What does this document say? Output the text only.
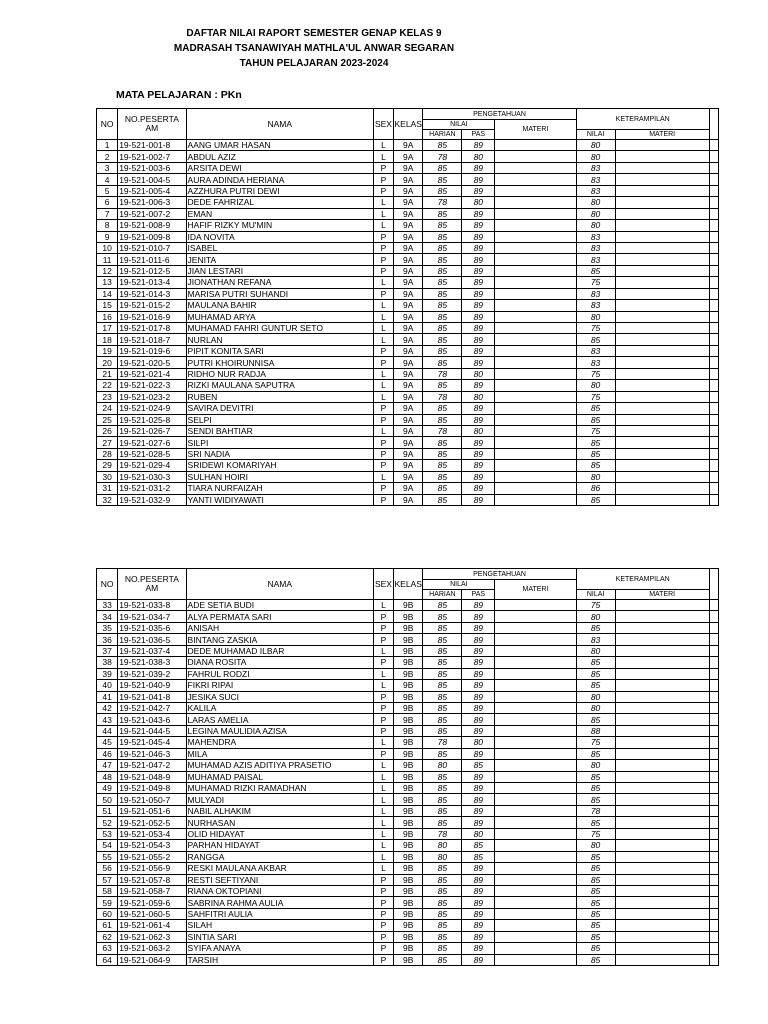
DAFTAR NILAI RAPORT SEMESTER GENAP KELAS 9
MADRASAH TSANAWIYAH MATHLA'UL ANWAR SEGARAN
TAHUN PELAJARAN 2023-2024
MATA PELAJARAN : PKn
NO	NO.PESERTA AM	NAMA	SEX	KELAS	PENGETAHUAN			KETERAMPILAN			
					NILAI		MATERI				
					HARIAN	PAS		NILAI	MATERI		
1	19-521-001-8	AANG UMAR HASAN	L	9A	85	89		80			
2	19-521-002-7	ABDUL AZIZ	L	9A	78	80		80			
3	19-521-003-6	ARSITA DEWI	P	9A	85	89		83			
4	19-521-004-5	AURA ADINDA HERIANA	P	9A	85	89		83			
5	19-521-005-4	AZZHURA PUTRI DEWI	P	9A	85	89		83			
6	19-521-006-3	DEDE FAHRIZAL	L	9A	78	80		80			
7	19-521-007-2	EMAN	L	9A	85	89		80			
8	19-521-008-9	HAFIF RIZKY MU'MIN	L	9A	85	89		80			
9	19-521-009-8	IDA NOVITA	P	9A	85	89		83			
10	19-521-010-7	ISABEL	P	9A	85	89		83			
11	19-521-011-6	JENITA	P	9A	85	89		83			
12	19-521-012-5	JIAN LESTARI	P	9A	85	89		85			
13	19-521-013-4	JIONATHAN REFANA	L	9A	85	89		75			
14	19-521-014-3	MARISA PUTRI SUHANDI	P	9A	85	89		83			
15	19-521-015-2	MAULANA BAHIR	L	9A	85	89		83			
16	19-521-016-9	MUHAMAD ARYA	L	9A	85	89		80			
17	19-521-017-8	MUHAMAD FAHRI GUNTUR SETO	L	9A	85	89		75			
18	19-521-018-7	NURLAN	L	9A	85	89		85			
19	19-521-019-6	PIPIT KONITA SARI	P	9A	85	89		83			
20	19-521-020-5	PUTRI KHOIRUNNISA	P	9A	85	89		83			
21	19-521-021-4	RIDHO NUR RADJA	L	9A	78	80		75			
22	19-521-022-3	RIZKI MAULANA SAPUTRA	L	9A	85	89		80			
23	19-521-023-2	RUBEN	L	9A	78	80		75			
24	19-521-024-9	SAVIRA DEVITRI	P	9A	85	89		85			
25	19-521-025-8	SELPI	P	9A	85	89		85			
26	19-521-026-7	SENDI BAHTIAR	L	9A	78	80		75			
27	19-521-027-6	SILPI	P	9A	85	89		85			
28	19-521-028-5	SRI NADIA	P	9A	85	89		85			
29	19-521-029-4	SRIDEWI KOMARIYAH	P	9A	85	89		85			
30	19-521-030-3	SULHAN HOIRI	L	9A	85	89		80			
31	19-521-031-2	TIARA NURFAIZAH	P	9A	85	89		86			
32	19-521-032-9	YANTI WIDIYAWATI	P	9A	85	89		85			
NO	NO.PESERTA AM	NAMA	SEX	KELAS	PENGETAHUAN			KETERAMPILAN			
					NILAI		MATERI				
					HARIAN	PAS		NILAI	MATERI		
33	19-521-033-8	ADE SETIA BUDI	L	9B	85	89		75			
34	19-521-034-7	ALYA PERMATA SARI	P	9B	85	89		80			
35	19-521-035-6	ANISAH	P	9B	85	89		85			
36	19-521-036-5	BINTANG ZASKIA	P	9B	85	89		83			
37	19-521-037-4	DEDE MUHAMAD ILBAR	L	9B	85	89		80			
38	19-521-038-3	DIANA ROSITA	P	9B	85	89		85			
39	19-521-039-2	FAHRUL RODZI	L	9B	85	89		85			
40	19-521-040-9	FIKRI RIPAI	L	9B	85	89		85			
41	19-521-041-8	JESIKA SUCI	P	9B	85	89		80			
42	19-521-042-7	KALILA	P	9B	85	89		80			
43	19-521-043-6	LARAS AMELIA	P	9B	85	89		85			
44	19-521-044-5	LEGINA MAULIDIA AZISA	P	9B	85	89		88			
45	19-521-045-4	MAHENDRA	L	9B	78	80		75			
46	19-521-046-3	MILA	P	9B	85	89		85			
47	19-521-047-2	MUHAMAD AZIS ADITIYA PRASETIO	L	9B	80	85		80			
48	19-521-048-9	MUHAMAD PAISAL	L	9B	85	89		85			
49	19-521-049-8	MUHAMAD RIZKI RAMADHAN	L	9B	85	89		85			
50	19-521-050-7	MULYADI	L	9B	85	89		85			
51	19-521-051-6	NABIL ALHAKIM	L	9B	85	89		78			
52	19-521-052-5	NURHASAN	L	9B	85	89		85			
53	19-521-053-4	OLID HIDAYAT	L	9B	78	80		75			
54	19-521-054-3	PARHAN HIDAYAT	L	9B	80	85		80			
55	19-521-055-2	RANGGA	L	9B	80	85		85			
56	19-521-056-9	RESKI MAULANA AKBAR	L	9B	85	89		85			
57	19-521-057-8	RESTI SEFTIYANI	P	9B	85	89		85			
58	19-521-058-7	RIANA OKTOPIANI	P	9B	85	89		85			
59	19-521-059-6	SABRINA RAHMA AULIA	P	9B	85	89		85			
60	19-521-060-5	SAHFITRI AULIA	P	9B	85	89		85			
61	19-521-061-4	SILAH	P	9B	85	89		85			
62	19-521-062-3	SINTIA SARI	P	9B	85	89		85			
63	19-521-063-2	SYIFA ANAYA	P	9B	85	89		85			
64	19-521-064-9	TARSIH	P	9B	85	89		85			
